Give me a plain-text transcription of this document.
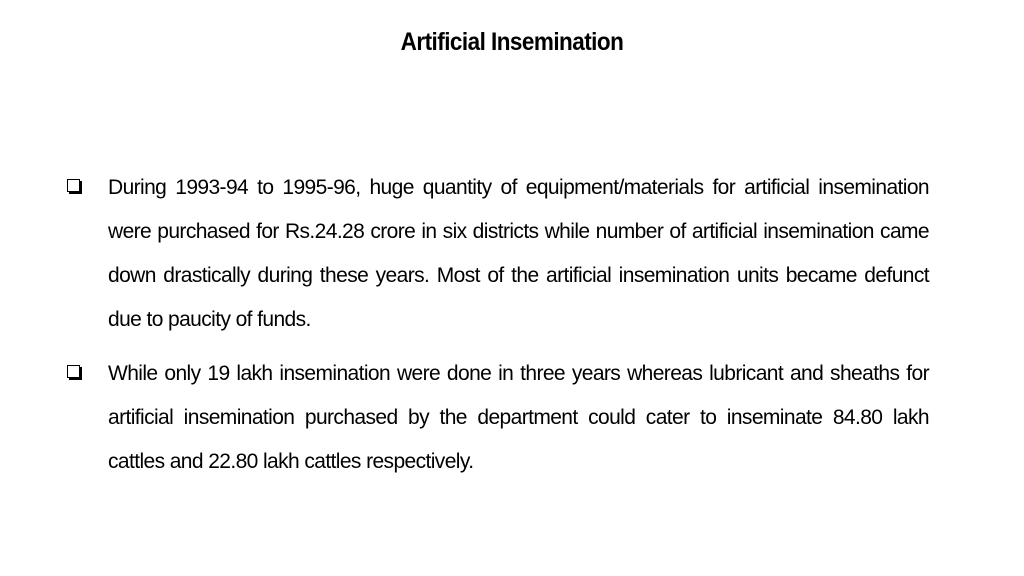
Artificial Insemination
During 1993-94 to 1995-96, huge quantity of equipment/materials for artificial insemination were purchased for Rs.24.28 crore in six districts while number of artificial insemination came down drastically during these years. Most of the artificial insemination units became defunct due to paucity of funds.
While only 19 lakh insemination were done in three years whereas lubricant and sheaths for artificial insemination purchased by the department could cater to inseminate 84.80 lakh cattles and 22.80 lakh cattles respectively.
